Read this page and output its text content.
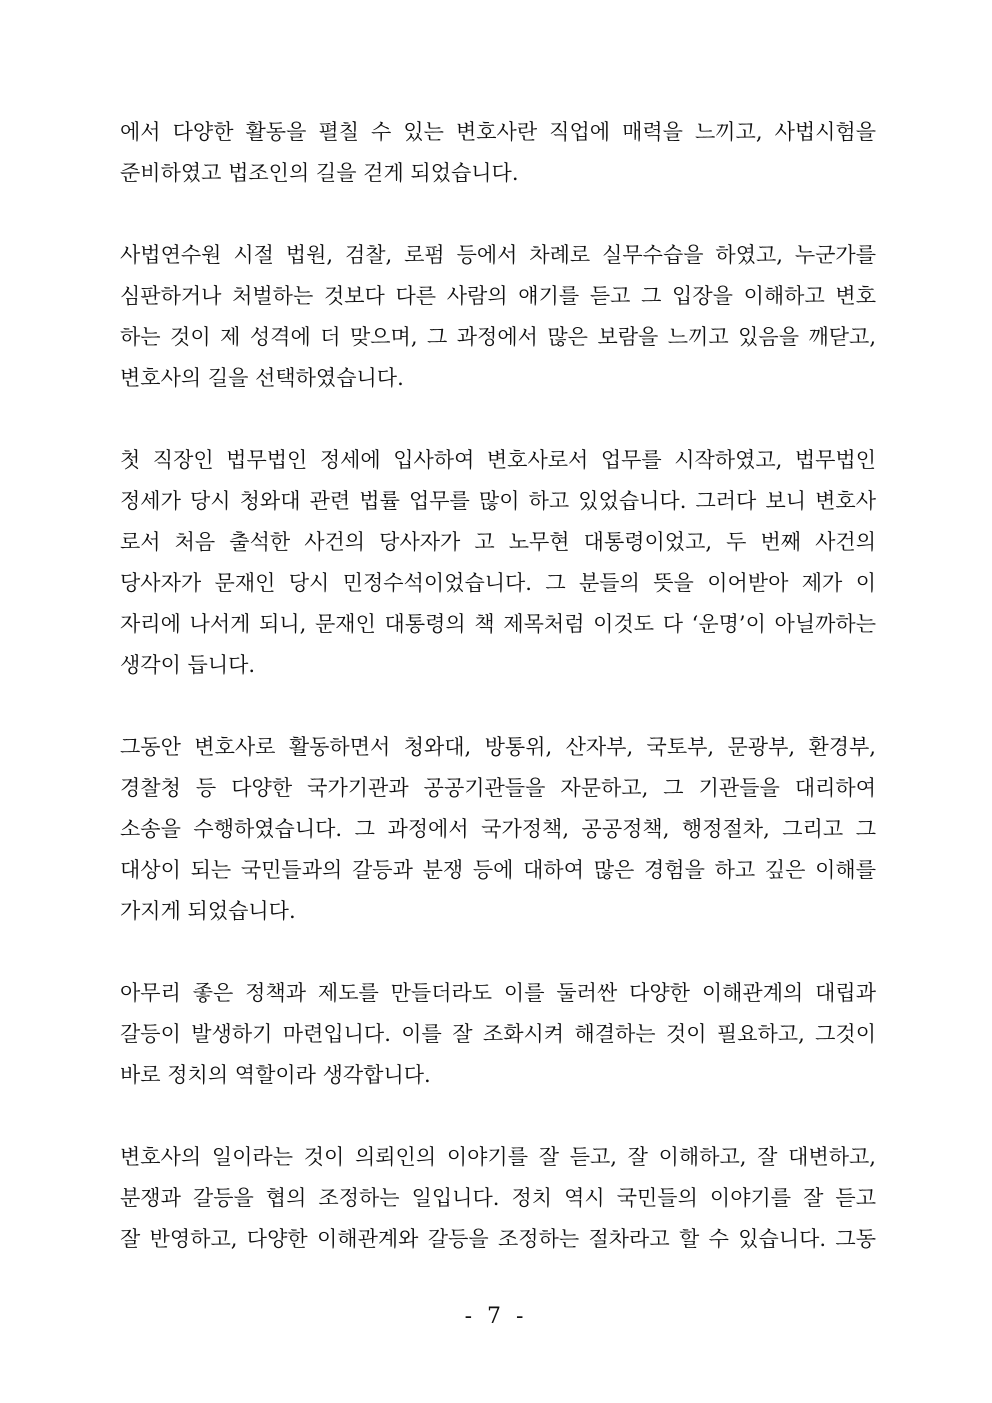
에서 다양한 활동을 펼칠 수 있는 변호사란 직업에 매력을 느끼고, 사법시험을
준비하였고 법조인의 길을 걷게 되었습니다.

사법연수원 시절 법원, 검찰, 로펌 등에서 차례로 실무수습을 하였고, 누군가를
심판하거나 처벌하는 것보다 다른 사람의 얘기를 듣고 그 입장을 이해하고 변호
하는 것이 제 성격에 더 맞으며, 그 과정에서 많은 보람을 느끼고 있음을 깨닫고,
변호사의 길을 선택하였습니다.

첫 직장인 법무법인 정세에 입사하여 변호사로서 업무를 시작하였고, 법무법인
정세가 당시 청와대 관련 법률 업무를 많이 하고 있었습니다. 그러다 보니 변호사
로서 처음 출석한 사건의 당사자가 고 노무현 대통령이었고, 두 번째 사건의
당사자가 문재인 당시 민정수석이었습니다. 그 분들의 뜻을 이어받아 제가 이
자리에 나서게 되니, 문재인 대통령의 책 제목처럼 이것도 다 ‘운명’이 아닐까하는
생각이 듭니다.

그동안 변호사로 활동하면서 청와대, 방통위, 산자부, 국토부, 문광부, 환경부,
경찰청 등 다양한 국가기관과 공공기관들을 자문하고, 그 기관들을 대리하여
소송을 수행하였습니다. 그 과정에서 국가정책, 공공정책, 행정절차, 그리고 그
대상이 되는 국민들과의 갈등과 분쟁 등에 대하여 많은 경험을 하고 깊은 이해를
가지게 되었습니다.

아무리 좋은 정책과 제도를 만들더라도 이를 둘러싼 다양한 이해관계의 대립과
갈등이 발생하기 마련입니다. 이를 잘 조화시켜 해결하는 것이 필요하고, 그것이
바로 정치의 역할이라 생각합니다.

변호사의 일이라는 것이 의뢰인의 이야기를 잘 듣고, 잘 이해하고, 잘 대변하고,
분쟁과 갈등을 협의 조정하는 일입니다. 정치 역시 국민들의 이야기를 잘 듣고
잘 반영하고, 다양한 이해관계와 갈등을 조정하는 절차라고 할 수 있습니다. 그동

- 7 -
